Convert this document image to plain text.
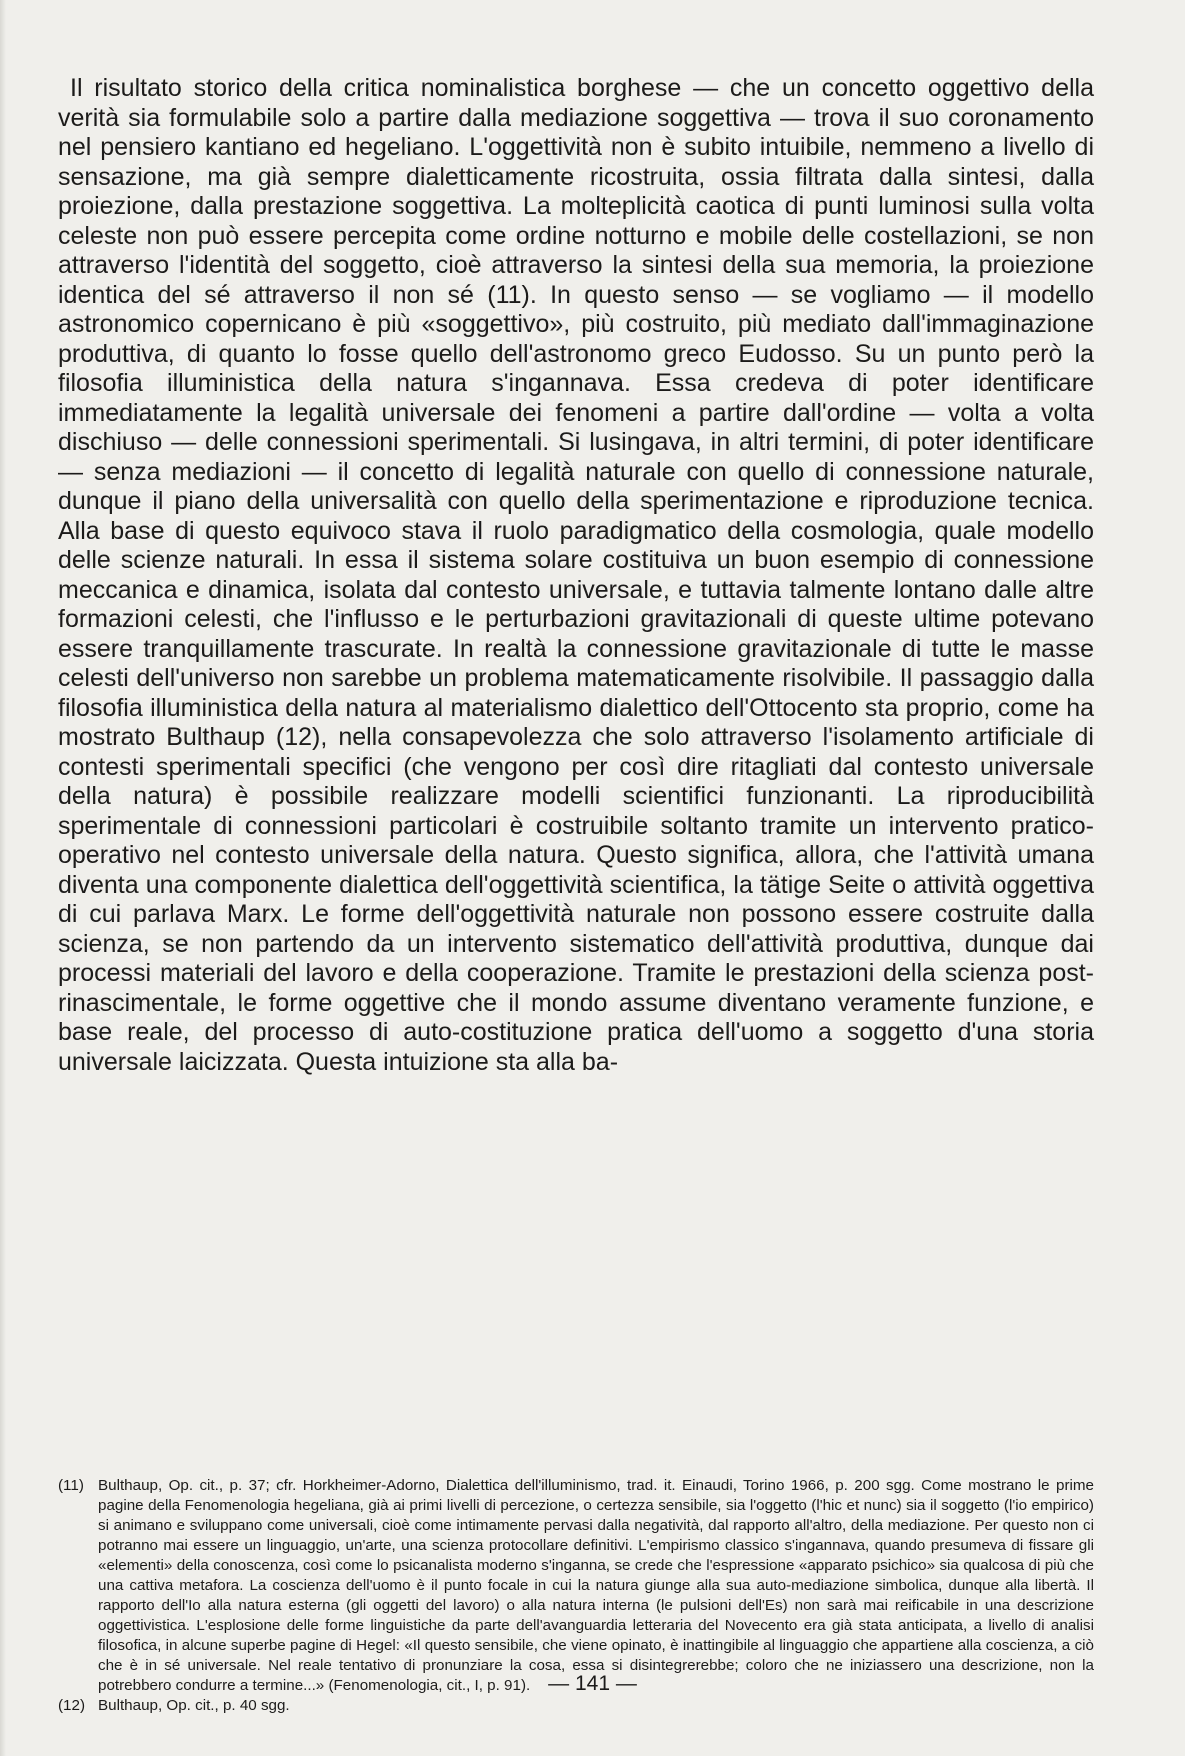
Il risultato storico della critica nominalistica borghese — che un concetto oggettivo della verità sia formulabile solo a partire dalla mediazione soggettiva — trova il suo coronamento nel pensiero kantiano ed hegeliano. L'oggettività non è subito intuibile, nemmeno a livello di sensazione, ma già sempre dialetticamente ricostruita, ossia filtrata dalla sintesi, dalla proiezione, dalla prestazione soggettiva. La molteplicità caotica di punti luminosi sulla volta celeste non può essere percepita come ordine notturno e mobile delle costellazioni, se non attraverso l'identità del soggetto, cioè attraverso la sintesi della sua memoria, la proiezione identica del sé attraverso il non sé (11). In questo senso — se vogliamo — il modello astronomico copernicano è più «soggettivo», più costruito, più mediato dall'immaginazione produttiva, di quanto lo fosse quello dell'astronomo greco Eudosso. Su un punto però la filosofia illuministica della natura s'ingannava. Essa credeva di poter identificare immediatamente la legalità universale dei fenomeni a partire dall'ordine — volta a volta dischiuso — delle connessioni sperimentali. Si lusingava, in altri termini, di poter identificare — senza mediazioni — il concetto di legalità naturale con quello di connessione naturale, dunque il piano della universalità con quello della sperimentazione e riproduzione tecnica. Alla base di questo equivoco stava il ruolo paradigmatico della cosmologia, quale modello delle scienze naturali. In essa il sistema solare costituiva un buon esempio di connessione meccanica e dinamica, isolata dal contesto universale, e tuttavia talmente lontano dalle altre formazioni celesti, che l'influsso e le perturbazioni gravitazionali di queste ultime potevano essere tranquillamente trascurate. In realtà la connessione gravitazionale di tutte le masse celesti dell'universo non sarebbe un problema matematicamente risolvibile. Il passaggio dalla filosofia illuministica della natura al materialismo dialettico dell'Ottocento sta proprio, come ha mostrato Bulthaup (12), nella consapevolezza che solo attraverso l'isolamento artificiale di contesti sperimentali specifici (che vengono per così dire ritagliati dal contesto universale della natura) è possibile realizzare modelli scientifici funzionanti. La riproducibilità sperimentale di connessioni particolari è costruibile soltanto tramite un intervento pratico-operativo nel contesto universale della natura. Questo significa, allora, che l'attività umana diventa una componente dialettica dell'oggettività scientifica, la tätige Seite o attività oggettiva di cui parlava Marx. Le forme dell'oggettività naturale non possono essere costruite dalla scienza, se non partendo da un intervento sistematico dell'attività produttiva, dunque dai processi materiali del lavoro e della cooperazione. Tramite le prestazioni della scienza post-rinascimentale, le forme oggettive che il mondo assume diventano veramente funzione, e base reale, del processo di auto-costituzione pratica dell'uomo a soggetto d'una storia universale laicizzata. Questa intuizione sta alla ba-

(11) Bulthaup, Op. cit., p. 37; cfr. Horkheimer-Adorno, Dialettica dell'illuminismo, trad. it. Einaudi, Torino 1966, p. 200 sgg. Come mostrano le prime pagine della Fenomenologia hegeliana, già ai primi livelli di percezione, o certezza sensibile, sia l'oggetto (l'hic et nunc) sia il soggetto (l'io empirico) si animano e sviluppano come universali, cioè come intimamente pervasi dalla negatività, dal rapporto all'altro, della mediazione. Per questo non ci potranno mai essere un linguaggio, un'arte, una scienza protocollare definitivi. L'empirismo classico s'ingannava, quando presumeva di fissare gli «elementi» della conoscenza, così come lo psicanalista moderno s'inganna, se crede che l'espressione «apparato psichico» sia qualcosa di più che una cattiva metafora. La coscienza dell'uomo è il punto focale in cui la natura giunge alla sua auto-mediazione simbolica, dunque alla libertà. Il rapporto dell'Io alla natura esterna (gli oggetti del lavoro) o alla natura interna (le pulsioni dell'Es) non sarà mai reificabile in una descrizione oggettivistica. L'esplosione delle forme linguistiche da parte dell'avanguardia letteraria del Novecento era già stata anticipata, a livello di analisi filosofica, in alcune superbe pagine di Hegel: «Il questo sensibile, che viene opinato, è inattingibile al linguaggio che appartiene alla coscienza, a ciò che è in sé universale. Nel reale tentativo di pronunziare la cosa, essa si disintegrerebbe; coloro che ne iniziassero una descrizione, non la potrebbero condurre a termine...» (Fenomenologia, cit., I, p. 91).
(12) Bulthaup, Op. cit., p. 40 sgg.
— 141 —
